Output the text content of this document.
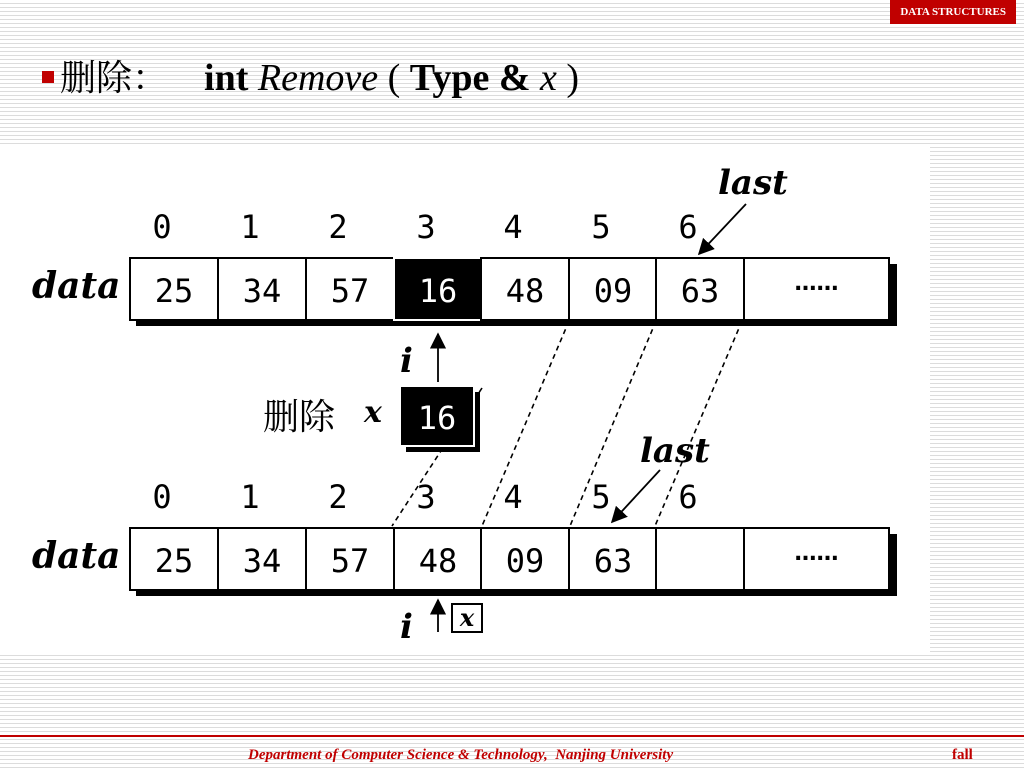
DATA STRUCTURES
删除： int Remove ( Type & x )
data
0 1 2 3 4 5 6
25 34 57 16 48 09 63	……
data
0 1 2 3 4 5 6
25 34 57 48 09 63	……
last
last
i
删除 x 16
i x
Department of Computer Science & Technology,  Nanjing University	fall
